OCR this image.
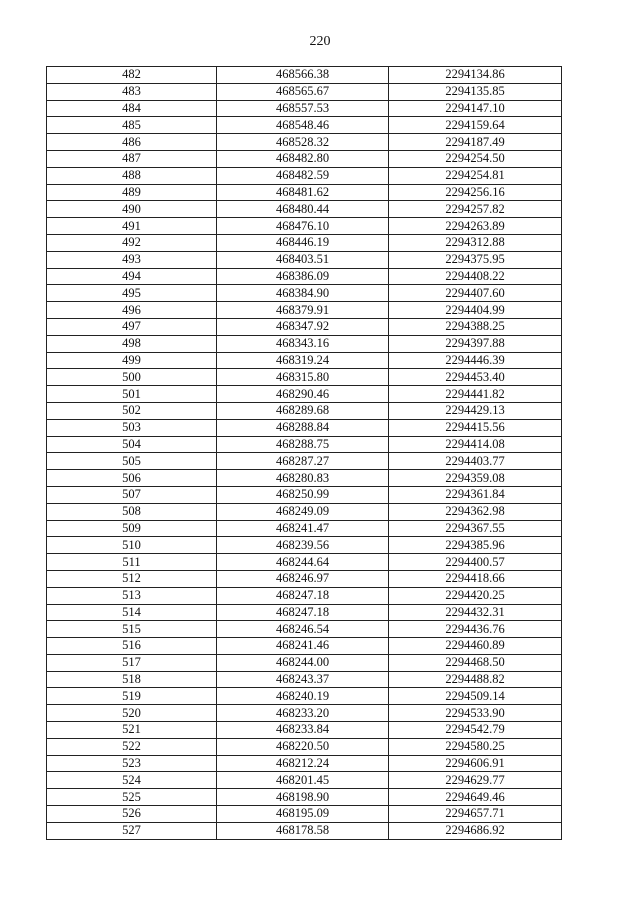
220
482	468566.38	2294134.86
483	468565.67	2294135.85
484	468557.53	2294147.10
485	468548.46	2294159.64
486	468528.32	2294187.49
487	468482.80	2294254.50
488	468482.59	2294254.81
489	468481.62	2294256.16
490	468480.44	2294257.82
491	468476.10	2294263.89
492	468446.19	2294312.88
493	468403.51	2294375.95
494	468386.09	2294408.22
495	468384.90	2294407.60
496	468379.91	2294404.99
497	468347.92	2294388.25
498	468343.16	2294397.88
499	468319.24	2294446.39
500	468315.80	2294453.40
501	468290.46	2294441.82
502	468289.68	2294429.13
503	468288.84	2294415.56
504	468288.75	2294414.08
505	468287.27	2294403.77
506	468280.83	2294359.08
507	468250.99	2294361.84
508	468249.09	2294362.98
509	468241.47	2294367.55
510	468239.56	2294385.96
511	468244.64	2294400.57
512	468246.97	2294418.66
513	468247.18	2294420.25
514	468247.18	2294432.31
515	468246.54	2294436.76
516	468241.46	2294460.89
517	468244.00	2294468.50
518	468243.37	2294488.82
519	468240.19	2294509.14
520	468233.20	2294533.90
521	468233.84	2294542.79
522	468220.50	2294580.25
523	468212.24	2294606.91
524	468201.45	2294629.77
525	468198.90	2294649.46
526	468195.09	2294657.71
527	468178.58	2294686.92
